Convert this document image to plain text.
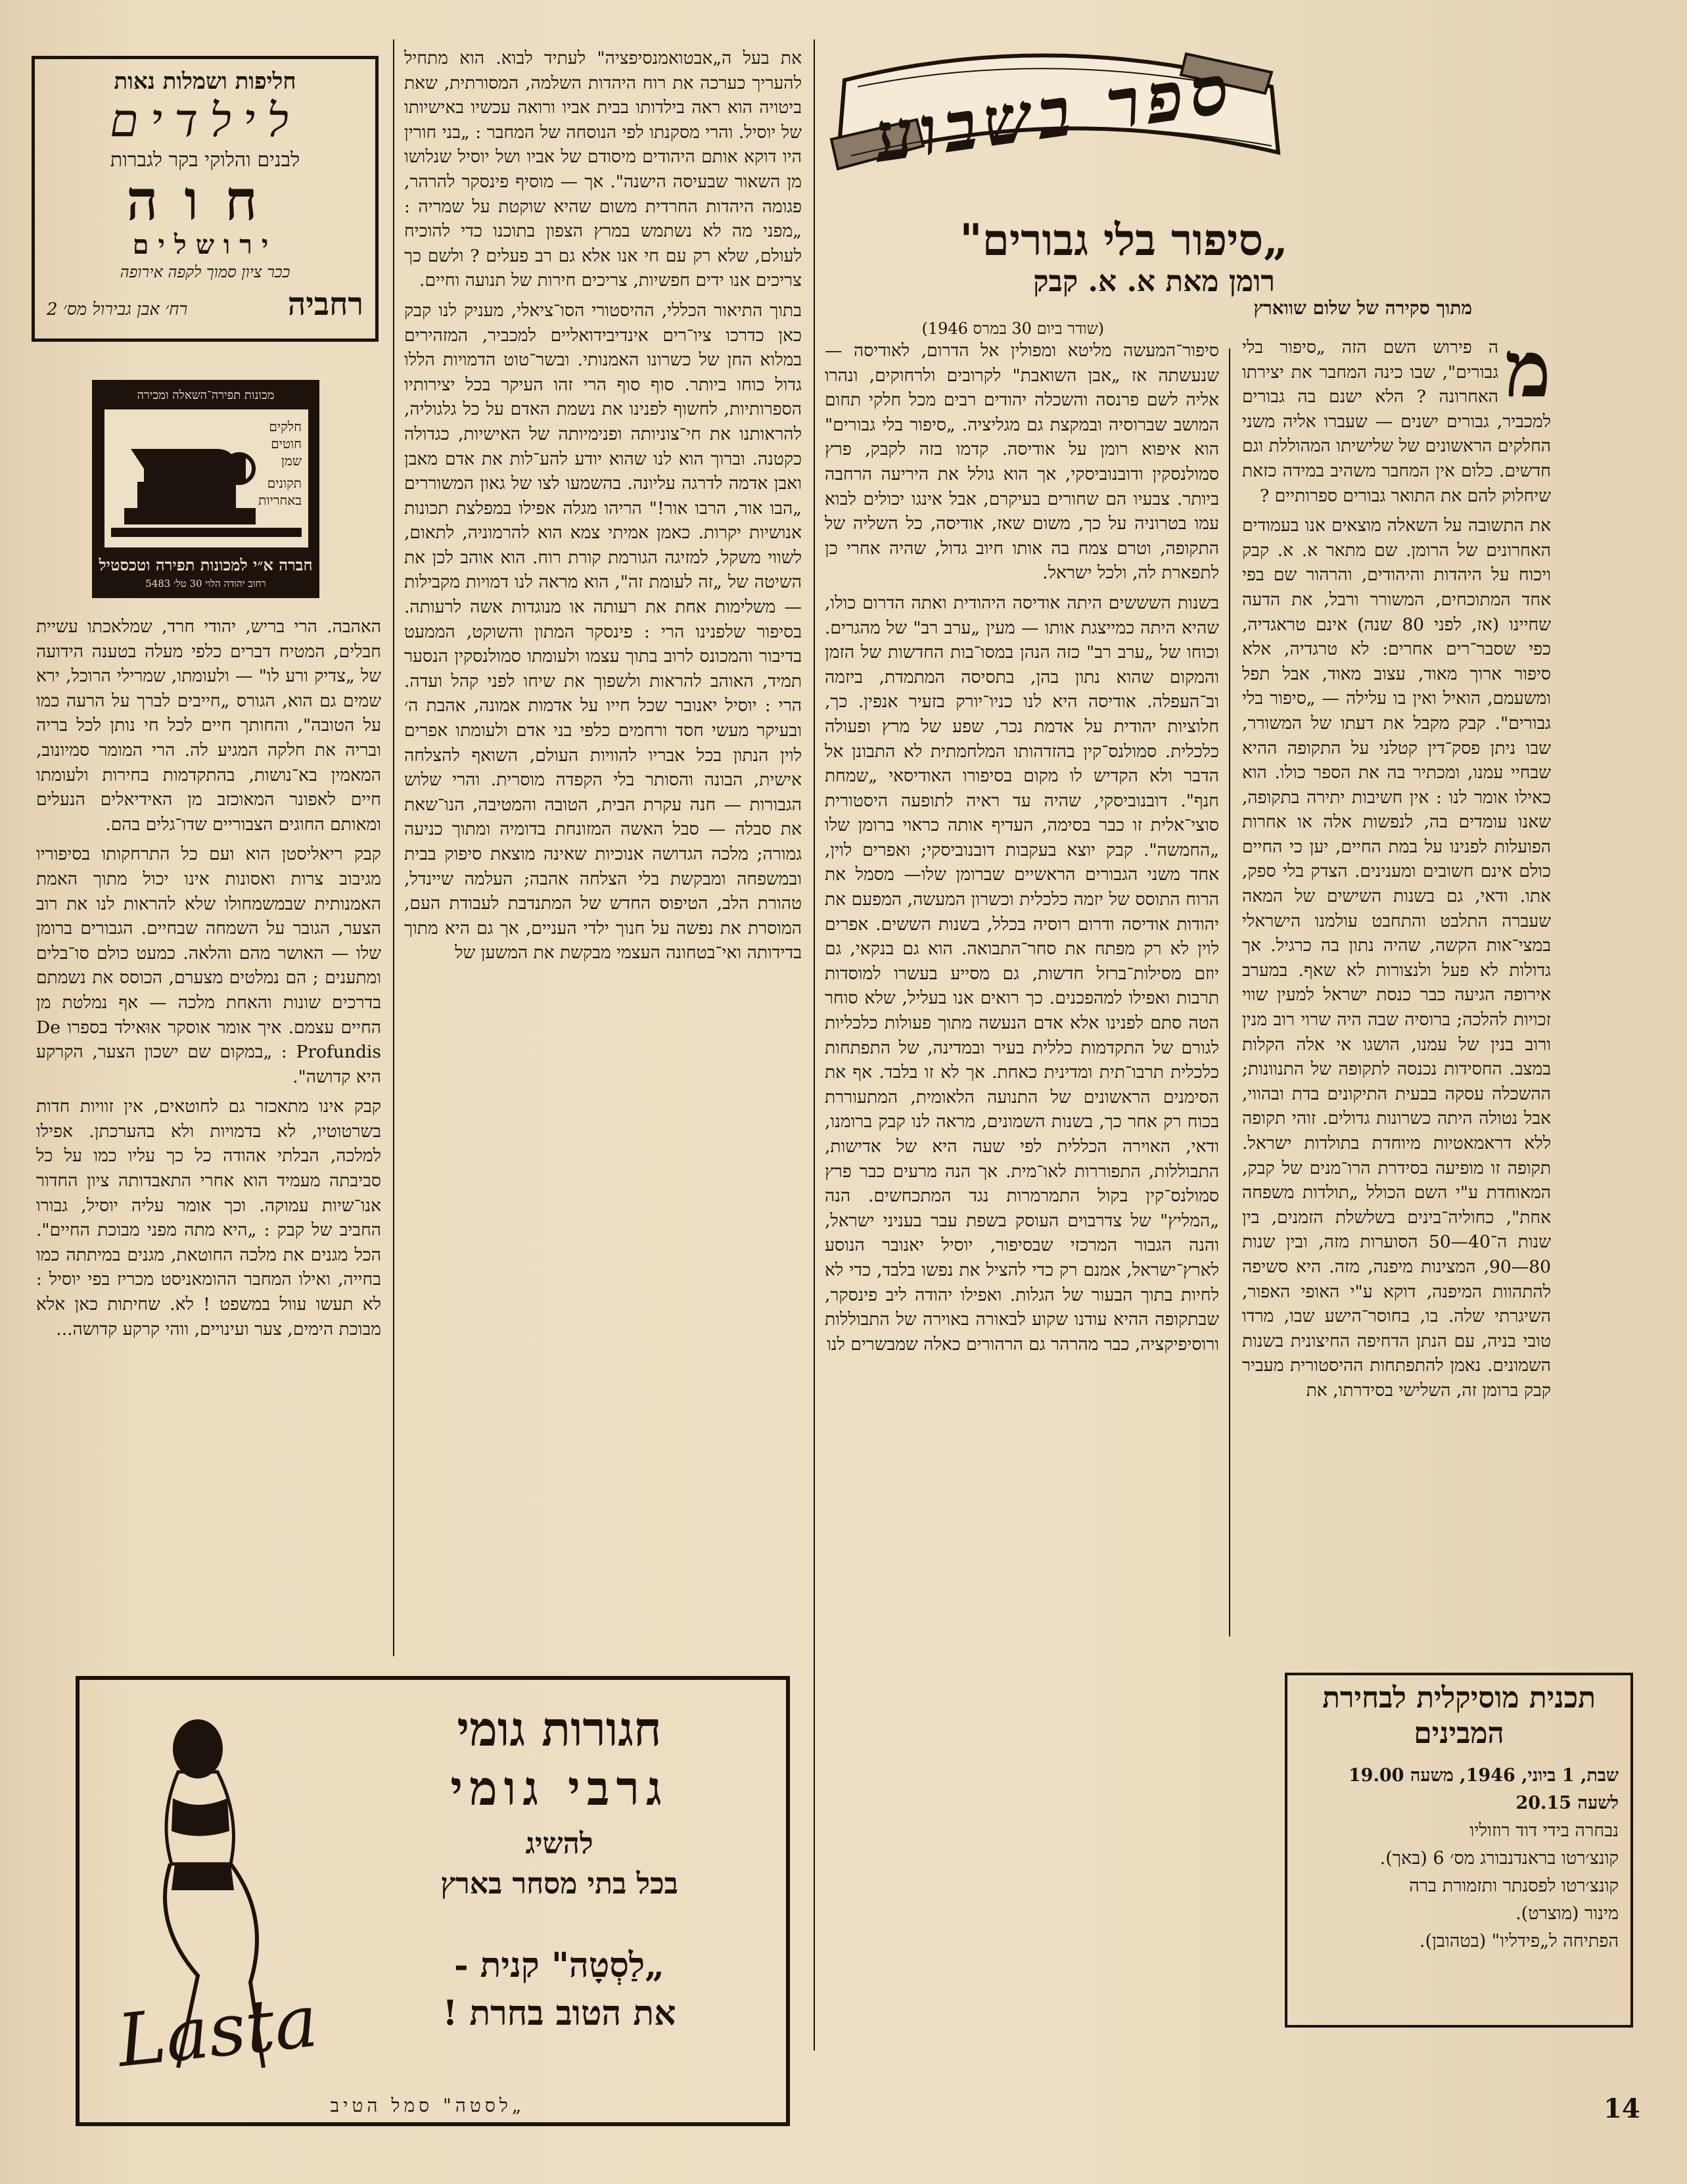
ספר בשבוע
„סיפור בלי גבורים"
רומן מאת א. א. קבק
מתוך סקירה של שלום שווארץ
(שודר ביום 30 במרס 1946)	מ

ה פירוש השם הזה „סיפור בלי גבורים", שבו כינה המחבר את יצירתו האחרונה ? הלא ישנם בה גבורים למכביר, גבורים ישנים — שעברו אליה משני החלקים הראשונים של שלישיתו המהוללת וגם חדשים. כלום אין המחבר משהיב במידה כזאת שיחלוק להם את התואר גבורים ספרותיים ?

את התשובה על השאלה מוצאים אנו בעמודים האחרונים של הרומן. שם מתאר א. א. קבק ויכוח על היהדות והיהודים, והרהור שם בפי אחד המתוכחים, המשורר ורבל, את הדעה שחיינו (אז, לפני 80 שנה) אינם טראגדיה, כפי שסבר־רים אחרים: לא טרגדיה, אלא סיפור ארוך מאוד, עצוב מאוד, אבל תפל ומשעמם, הואיל ואין בו עלילה — „סיפור בלי גבורים". קבק מקבל את דעתו של המשורר, שבו ניתן פסק־דין קטלני על התקופה ההיא שבחיי עמנו, ומכתיר בה את הספר כולו. הוא כאילו אומר לנו : אין חשיבות יתירה בתקופה, שאנו עומדים בה, לנפשות אלה או אחרות הפועלות לפנינו על במת החיים, יען כי החיים כולם אינם חשובים ומענינים. הצדק בלי ספק, אתו. ודאי, גם בשנות השישים של המאה שעברה התלבט והתחבט עולמנו הישראלי במצי־אות הקשה, שהיה נתון בה כרגיל. אך גדולות לא פעל ולנצורות לא שאף. במערב אירופה הגיעה כבר כנסת ישראל למעין שווי זכויות להלכה; ברוסיה שבה היה שרוי רוב מנין ורוב בנין של עמנו, הושגו אי אלה הקלות במצב. החסידות נכנסה לתקופה של התנוונות; ההשכלה עסקה בבעית התיקונים בדת ובהווי, אבל נטולה היתה כשרונות גדולים. זוהי תקופה ללא דראמאטיות מיוחדת בתולדות ישראל. תקופה זו מופיעה בסידרת הרו־מנים של קבק, המאוחדת ע"י השם הכולל „תולדות משפחה אחת", כחוליה־בינים בשלשלת הזמנים, בין שנות ה־40—50 הסוערות מזה, ובין שנות 80—90, המצינות מיפנה, מזה. היא סשיפה להתהוות המיפנה, דוקא ע"י האופי האפור, השיגרתי שלה. בו, בחוסר־הישע שבו, מרדו טובי בניה, עם הנתן הדחיפה החיצונית בשנות השמונים. נאמן להתפתחות ההיסטורית מעביר קבק ברומן זה, השלישי בסידרתו, את

סיפור־המעשה מליטא ומפולין אל הדרום, לאודיסה — שנעשתה אז „אבן השואבת" לקרובים ולרחוקים, ונהרו אליה לשם פרנסה והשכלה יהודים רבים מכל חלקי תחום המושב שברוסיה ובמקצת גם מגליציה. „סיפור בלי גבורים" הוא איפוא רומן על אודיסה. קדמו בזה לקבק, פרץ סמולנסקין ודובנוביסקי, אך הוא גולל את היריעה הרחבה ביותר. צבעיו הם שחורים בעיקרם, אבל אינגו יכולים לבוא עמו בטרוניה על כך, משום שאז, אודיסה, כל השליה של התקופה, וטרם צמח בה אותו חיוב גדול, שהיה אחרי כן לתפארת לה, ולכל ישראל.

בשנות השששים היתה אודיסה היהודית ואתה הדרום כולו, שהיא היתה כמייצגת אותו — מעין „ערב רב" של מהגרים. וכוחו של „ערב רב" כזה הנהן במסו־בות החדשות של הזמן והמקום שהוא נתון בהן, בתסיסה המתמדת, ביזמה וב־העפלה. אודיסה היא לנו כניו־יורק בזעיר אנפין. כך, חלוציות יהודית על אדמת נכר, שפע של מרץ ופעולה כלכלית. סמולנס־קין בהזדהותו המלחמתית לא התבונן אל הדבר ולא הקדיש לו מקום בסיפורו האודיסאי „שמחת חנף". דובנוביסקי, שהיה עד ראיה לתופעה היסטורית סוצי־אלית זו כבר בסימה, העדיף אותה כראוי ברומן שלו „החמשה". קבק יוצא בעקבות דובנוביסקי; ואפרים לוין, אחד משני הגבורים הראשיים שברומן שלו— מסמל את הרוח התוסס של יזמה כלכלית וכשרון המעשה, המפעם את יהודות אודיסה ודרום רוסיה בכלל, בשנות הששים. אפרים לוין לא רק מפתח את סחר־התבואה. הוא גם בנקאי, גם יוזם מסילות־ברזל חדשות, גם מסייע בעשרו למוסדות תרבות ואפילו למהפכנים. כך רואים אנו בעליל, שלא סוחר הטה סתם לפנינו אלא אדם הנעשה מתוך פעולות כלכליות לגורם של התקדמות כללית בעיר ובמדינה, של התפתחות כלכלית תרבו־תית ומדינית כאחת. אך לא זו בלבד. אף את הסימנים הראשונים של התנועה הלאומית, המתעוררת בכוח רק אחר כך, בשנות השמונים, מראה לנו קבק ברומנו, ודאי, האוירה הכללית לפי שעה היא של אדישות, התבוללות, התפוררות לאו־מית. אך הנה מרעים כבר פרץ סמולנס־קין בקול התמרמרות נגד המתכחשים. הנה „המליץ" של צדרבוים העוסק בשפת עבר בעניני ישראל, והנה הגבור המרכזי שבסיפור, יוסיל יאנובר הנוסע לארץ־ישראל, אמנם רק כדי להציל את נפשו בלבד, כדי לא לחיות בתוך הבעור של הגלות. ואפילו יהודה ליב פינסקר, שבתקופה ההיא עודנו שקוע לבאורה באוירה של התבוללות ורוסיפיקציה, כבר מהרהר גם הרהורים כאלה שמבשרים לנו

את בעל ה„אבטואמנסיפציה" לעתיד לבוא. הוא מתחיל להעריך כערכה את רוח היהדות השלמה, המסורתית, שאת ביטויה הוא ראה בילדותו בבית אביו ורואה עכשיו באישיותו של יוסיל. והרי מסקנתו לפי הנוסחה של המחבר : „בני חורין היו דוקא אותם היהודים מיסודם של אביו ושל יוסיל שנלושו מן השאור שבעיסה הישנה". אך — מוסיף פינסקר להרהר, פגומה היהדות החרדית משום שהיא שוקטת על שמריה : „מפני מה לא נשתמש במרץ הצפון בתוכנו כדי להוכיח לעולם, שלא רק עם חי אנו אלא גם רב פעלים ? ולשם כך צריכים אנו ידים חפשיות, צריכים חירות של תנועה וחיים.

בתוך התיאור הכללי, ההיסטורי הסו־ציאלי, מעניק לנו קבק כאן כדרכו ציו־רים אינדיבידואליים למכביר, המזהירים במלוא החן של כשרונו האמנותי. ובשר־טוט הדמויות הללו גדול כוחו ביותר. סוף סוף הרי זהו העיקר בכל יצירותיו הספרותיות, לחשוף לפנינו את נשמת האדם על כל גלגוליה, להראותנו את חי־צוניותה ופנימיותה של האישיות, כגדולה כקטנה. וברוך הוא לנו שהוא יודע להע־לות את אדם מאבן ואבן אדמה לדרגה עליונה. בהשמעו לצו של גאון המשוררים „הבו אור, הרבו אור!" הריהו מגלה אפילו במפלצת תכונות אנושיות יקרות. כאמן אמיתי צמא הוא להרמוניה, לתאום, לשווי משקל, למזיגה הגורמת קורת רוח. הוא אוהב לכן את השיטה של „זה לעומת זה", הוא מראה לנו דמויות מקבילות — משלימות אחת את רעותה או מנוגדות אשה לרעותה. בסיפור שלפנינו הרי : פינסקר המתון והשוקט, הממעט בדיבור והמכונס לרוב בתוך עצמו ולעומתו סמולנסקין הנסער תמיד, האוהב להראות ולשפוך את שיחו לפני קהל ועדה. הרי : יוסיל יאנובר שכל חייו על אדמות אמונה, אהבת ה׳ ובעיקר מעשי חסד ורחמים כלפי בני אדם ולעומתו אפרים לוין הנתון בכל אבריו להוויות העולם, השואף להצלחה אישית, הבונה והסותר בלי הקפדה מוסרית. והרי שלוש הגבורות — חנה עקרת הבית, הטובה והמטיבה, הנו־שאת את סבלה — סבל האשה המזונחת בדומיה ומתוך כניעה גמורה; מלכה הגדושה אנוכיות שאינה מוצאת סיפוק בבית ובמשפחה ומבקשת בלי הצלחה אהבה; העלמה שיינדל, טהורת הלב, הטיפוס החדש של המתנדבת לעבודת העם, המוסרת את נפשה על חנוך ילדי העניים, אך גם היא מתוך בדידותה ואי־בטחונה העצמי מבקשת את המשען של

האהבה. הרי בריש, יהודי חרד, שמלאכתו עשיית חבלים, המטיח דברים כלפי מעלה בטענה הידועה של „צדיק ורע לו" — ולעומתו, שמרילי הרוכל, ירא שמים גם הוא, הגורס „חייבים לברך על הרעה כמו על הטובה", והחותך חיים לכל חי נותן לכל בריה ובריה את חלקה המגיע לה. הרי המומר סמיונוב, המאמין בא־נושות, בהתקדמות בחירות ולעומתו חיים לאפונר המאוכזב מן האידיאלים הנעלים ומאותם החוגים הצבוריים שדו־גלים בהם.

קבק ריאליסטן הוא ועם כל התרחקותו בסיפוריו מגיבוב צרות ואסונות אינו יכול מתוך האמת האמנותית שבמשמחולו שלא להראות לנו את רוב הצער, הגובר על השמחה שבחיים. הגבורים ברומן שלו — האושר מהם והלאה. כמעט כולם סו־בלים ומתענים ; הם נמלטים מצערם, הכוסס את נשמתם בדרכים שונות והאחת מלכה — אף נמלטת מן החיים עצמם. איך אומר אוסקר אוּאילד בספרו De Profundis : „במקום שם ישכון הצער, הקרקע היא קדושה".

קבק אינו מתאכזר גם לחוטאים, אין זוויות חדות בשרטוטיו, לא בדמויות ולא בהערכתן. אפילו למלכה, הבלתי אהודה כל כך עליו כמו על כל סביבתה מעמיד הוא אחרי התאבדותה ציון החדור אנו־שיות עמוקה. וכך אומר עליה יוסיל, גבורו החביב של קבק : „היא מתה מפני מבוכת החיים". הכל מגנים את מלכה החוטאת, מגנים במיתתה כמו בחייה, ואילו המחבר ההומאניסט מכריז בפי יוסיל : לא תעשו עוול במשפט ! לא. שחיתות כאן אלא מבוכת הימים, צער ועינויים, ווהי קרקע קדושה...

חליפות ושמלות נאות
לילדים
לבנים והלוקי בקר לגברות
חוה
ירושלים
ככר ציון סמוך לקפה אירופה
רחביה
רח׳ אבן גבירול מס׳ 2
מכונות תפירה־השאלה ומכירה
חלקים
חוטים
שמן
תקונים
באחריות
חברה א״י למכונות תפירה וטכסטיל
רחוב יהודה הלוי 30 טל׳ 5483
Lasta
חגורות גומי
גרבי גומי
להשיג
בכל בתי מסחר בארץ
„לַסְטָה" קנית -
את הטוב בחרת !
„לסטה" סמל הטיב
תכנית מוסיקלית לבחירת המבינים
שבת, 1 ביוני, 1946, משעה 19.00
לשעה 20.15
נבחרה בידי דוד רוזוליו
קונצ׳רטו בראנדנבורג מס׳ 6 (באך).
קונצ׳רטו לפסנתר ותזמורת ברה
מינור (מוצרט).
הפתיחה ל„פידליו" (בטהובן).
14
